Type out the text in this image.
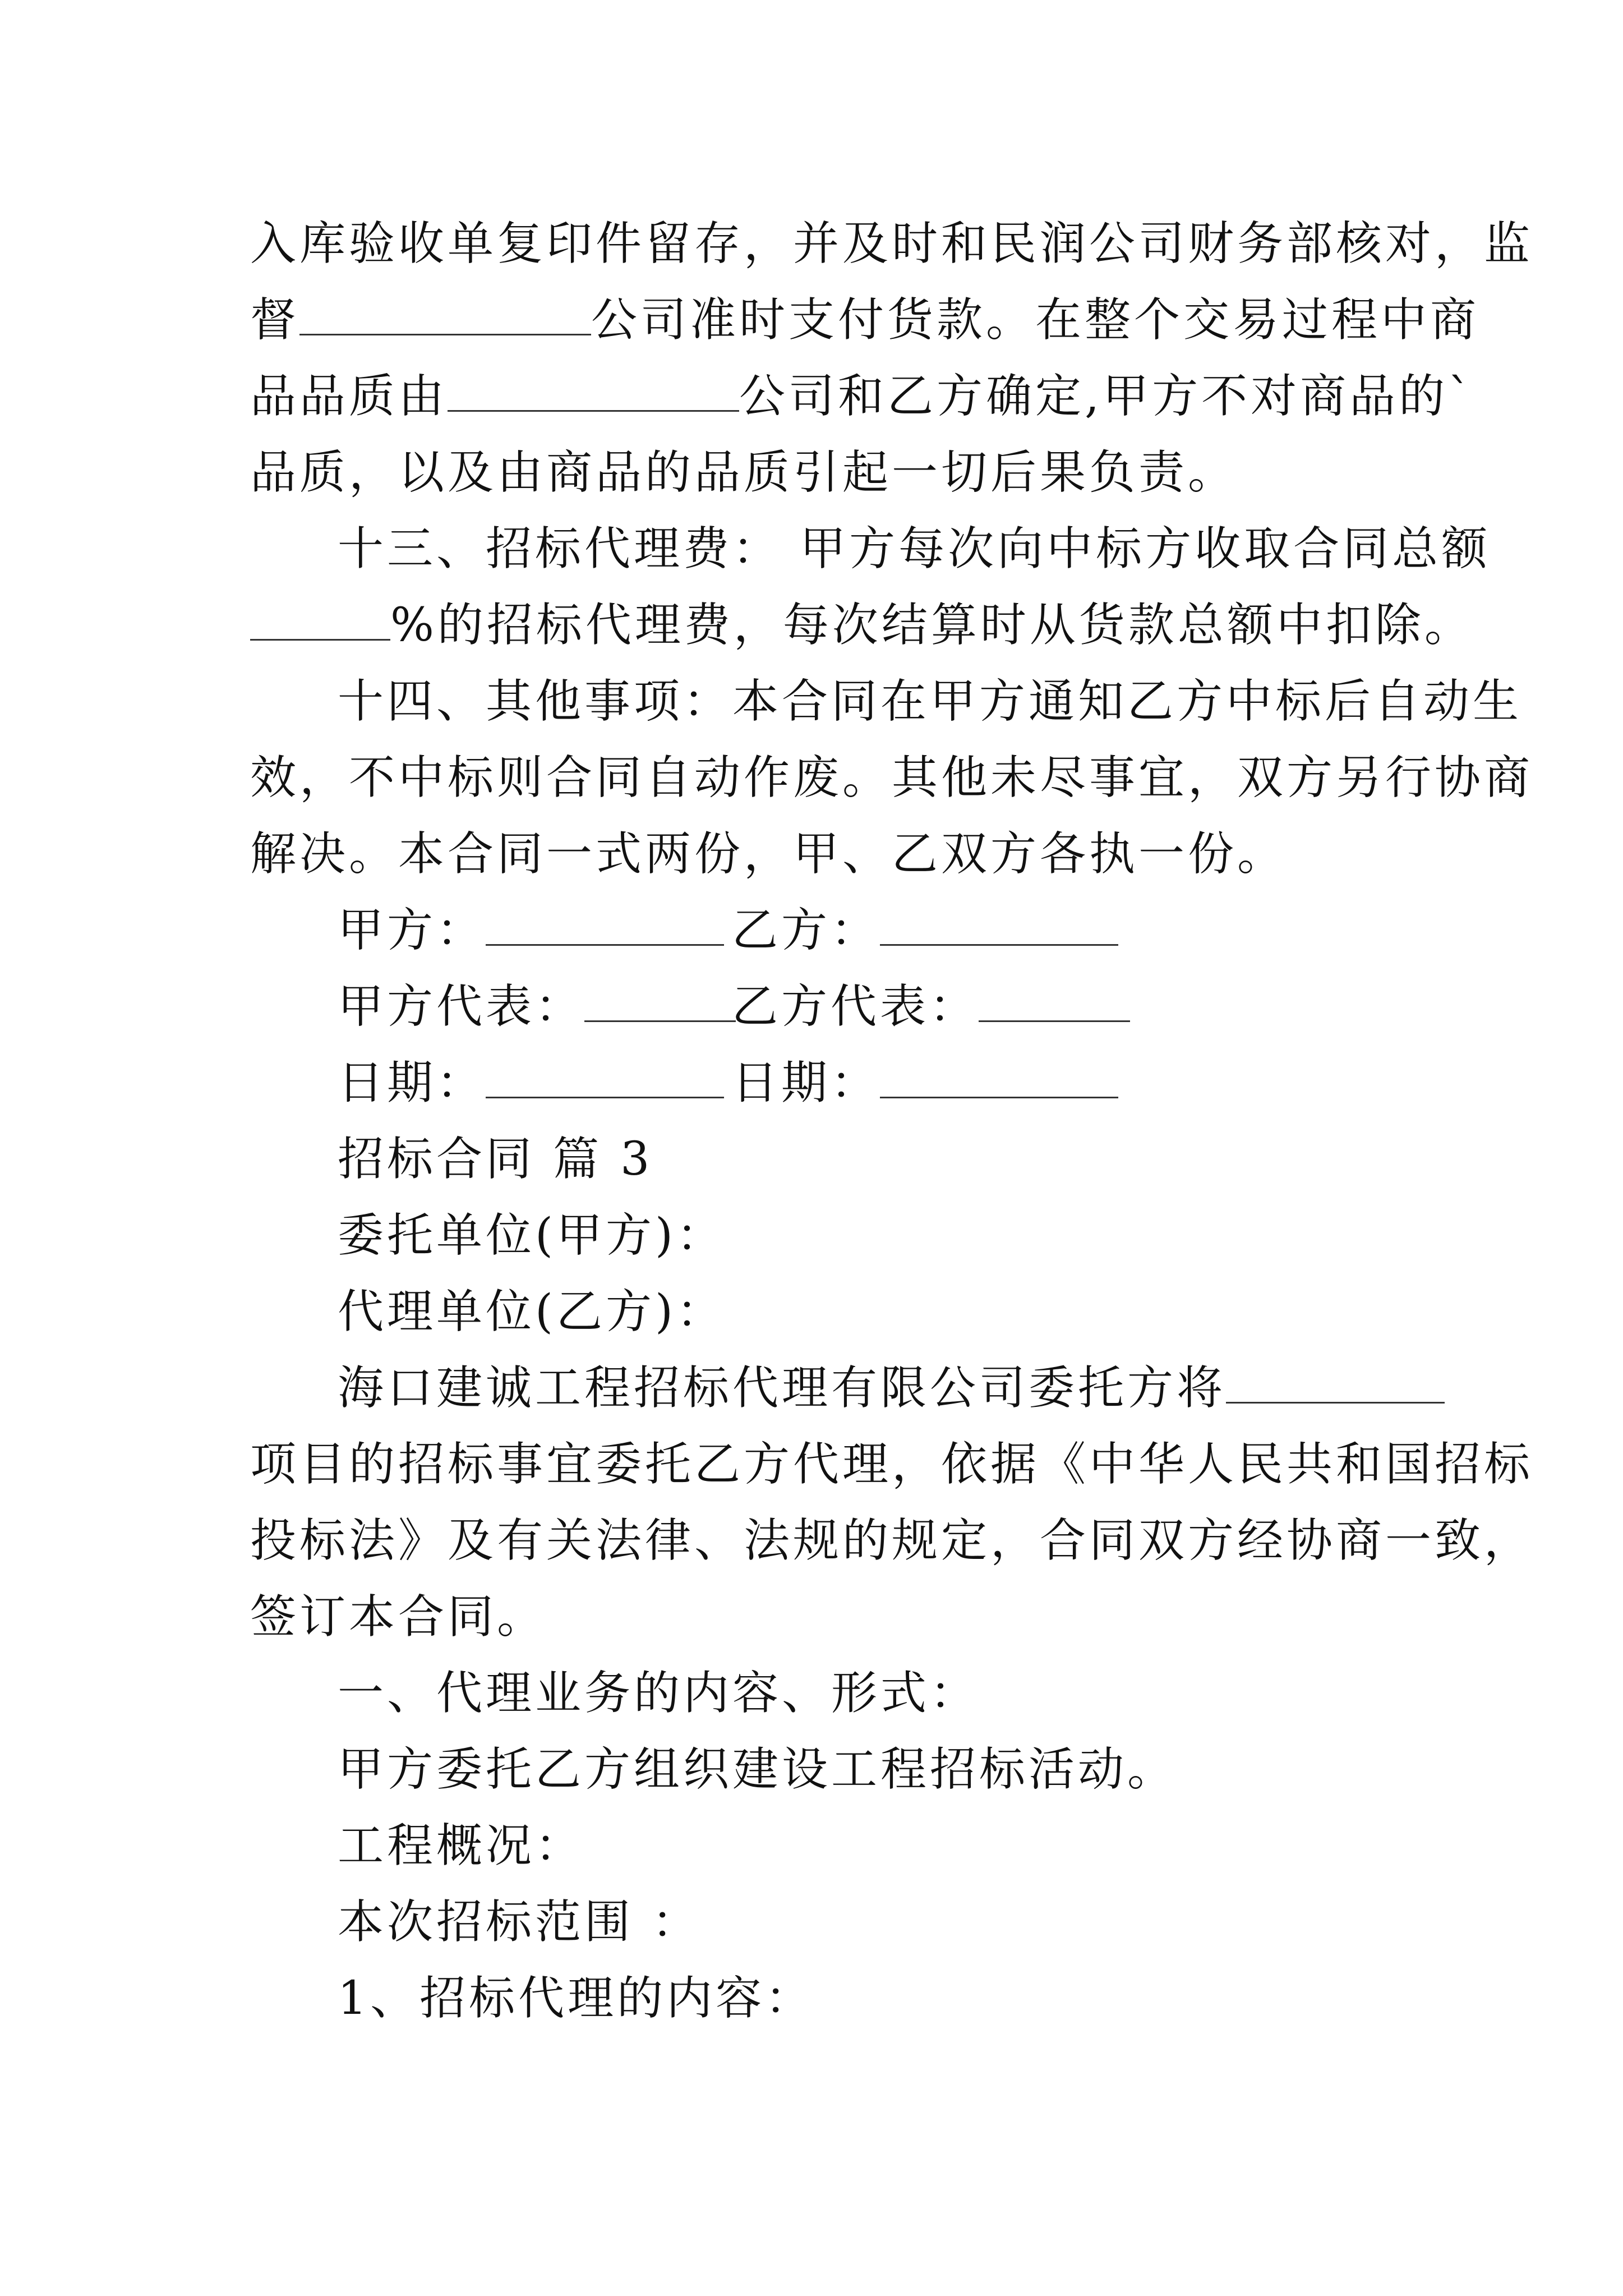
入库验收单复印件留存，并及时和民润公司财务部核对，监
督	公司准时支付货款。在整个交易过程中商
品品质由	公司和乙方确定,甲方不对商品的`
品质，以及由商品的品质引起一切后果负责。
十三、招标代理费： 甲方每次向中标方收取合同总额
%的招标代理费，每次结算时从货款总额中扣除。
十四、其他事项：本合同在甲方通知乙方中标后自动生
效，不中标则合同自动作废。其他未尽事宜，双方另行协商
解决。本合同一式两份，甲、乙双方各执一份。
甲方：	乙方：
甲方代表：	乙方代表：
日期：	日期：
招标合同 篇 3
委托单位(甲方)：
代理单位(乙方)：
海口建诚工程招标代理有限公司委托方将
项目的招标事宜委托乙方代理，依据《中华人民共和国招标
投标法》及有关法律、法规的规定，合同双方经协商一致，
签订本合同。
一、代理业务的内容、形式：
甲方委托乙方组织建设工程招标活动。
工程概况：
本次招标范围 ：
1、招标代理的内容：
